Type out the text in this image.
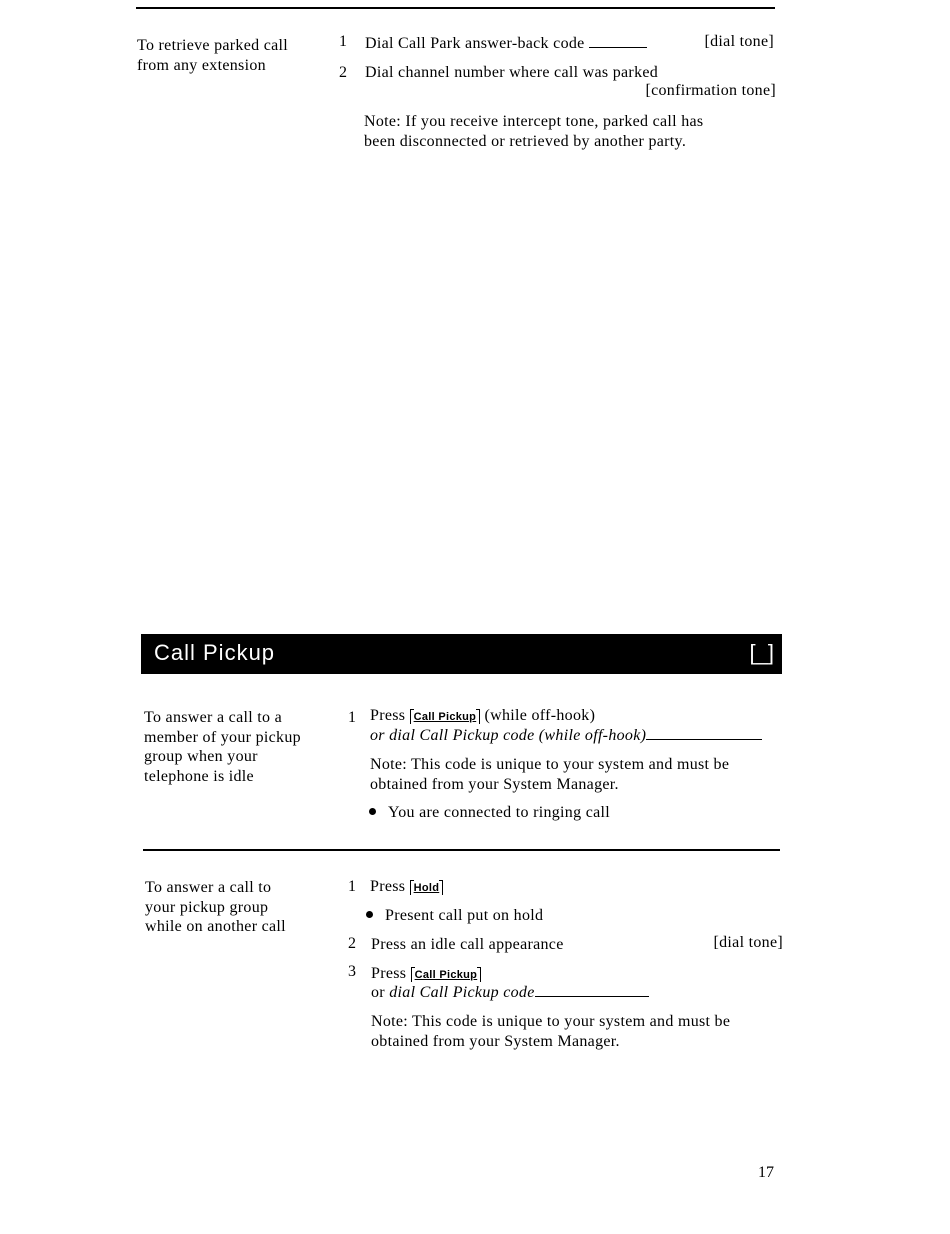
To retrieve parked call
from any extension
1 Dial Call Park answer-back code	[dial tone]
2 Dial channel number where call was parked
[confirmation tone]
Note: If you receive intercept tone, parked call has
been disconnected or retrieved by another party.
Call Pickup	[_]
To answer a call to a
member of your pickup
group when your
telephone is idle
1 Press Call Pickup (while off-hook)
or dial Call Pickup code (while off-hook)
Note: This code is unique to your system and must be
obtained from your System Manager.
You are connected to ringing call
To answer a call to
your pickup group
while on another call
1 Press Hold
Present call put on hold
2 Press an idle call appearance	[dial tone]
3 Press Call Pickup
or dial Call Pickup code
Note: This code is unique to your system and must be
obtained from your System Manager.
17
